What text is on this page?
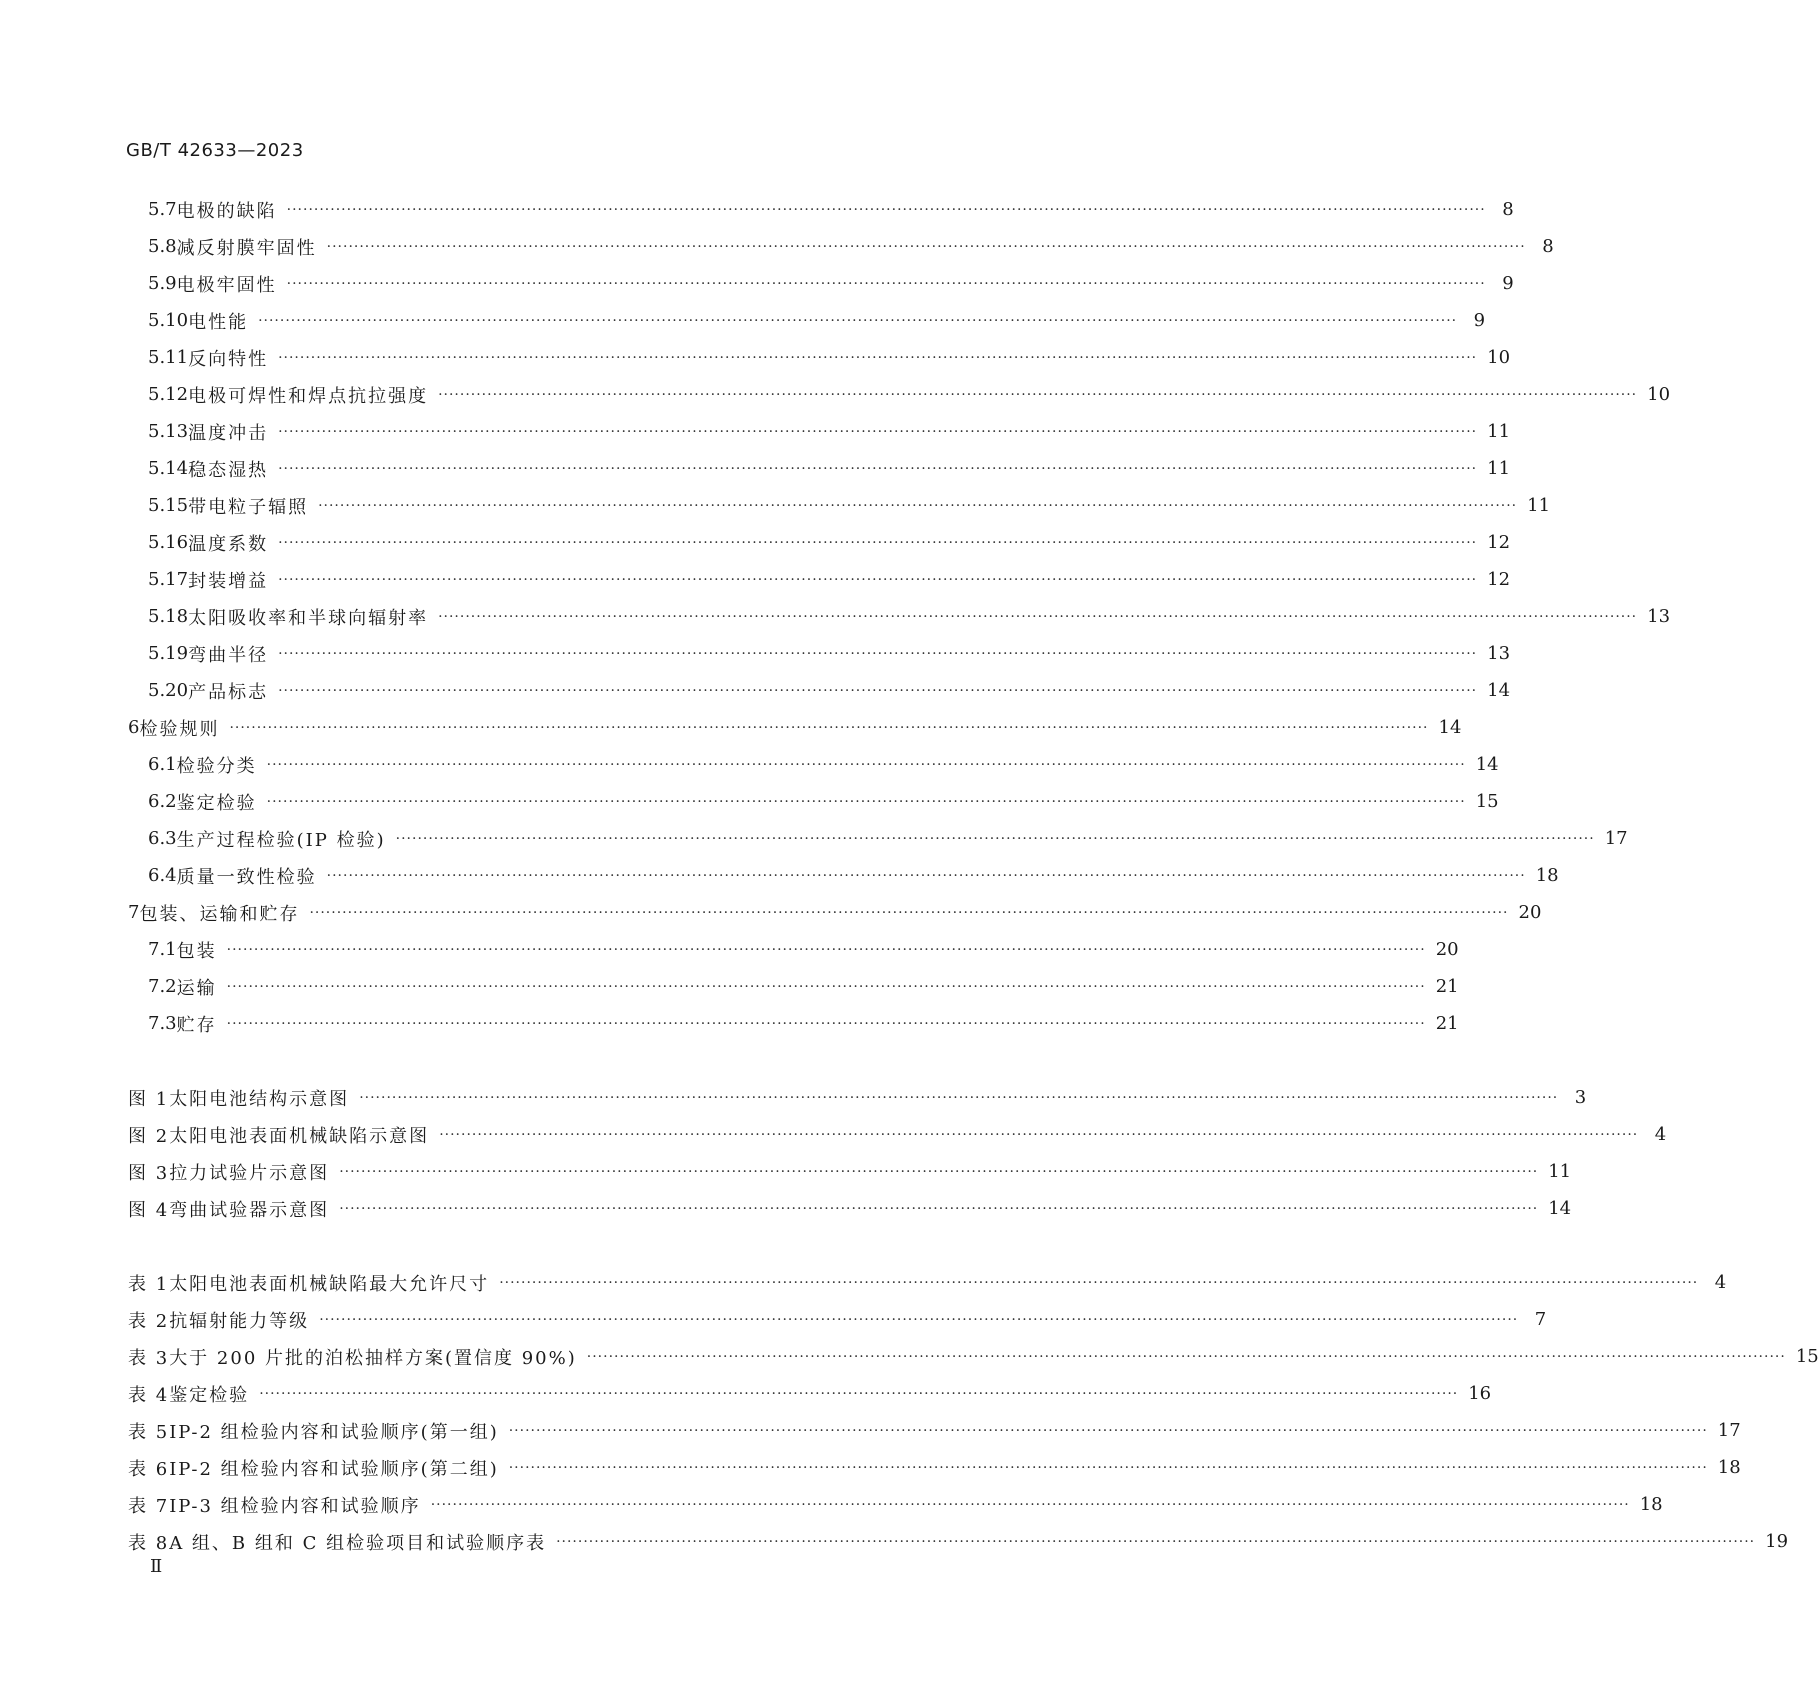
GB/T 42633—2023
5.7 电极的缺陷 ···························································································································································································································· 8
5.8 减反射膜牢固性 ···························································································································································································································· 8
5.9 电极牢固性 ···························································································································································································································· 9
5.10 电性能 ···························································································································································································································· 9
5.11 反向特性 ···························································································································································································································· 10
5.12 电极可焊性和焊点抗拉强度 ···························································································································································································································· 10
5.13 温度冲击 ···························································································································································································································· 11
5.14 稳态湿热 ···························································································································································································································· 11
5.15 带电粒子辐照 ···························································································································································································································· 11
5.16 温度系数 ···························································································································································································································· 12
5.17 封装增益 ···························································································································································································································· 12
5.18 太阳吸收率和半球向辐射率 ···························································································································································································································· 13
5.19 弯曲半径 ···························································································································································································································· 13
5.20 产品标志 ···························································································································································································································· 14
6 检验规则 ···························································································································································································································· 14
6.1 检验分类 ···························································································································································································································· 14
6.2 鉴定检验 ···························································································································································································································· 15
6.3 生产过程检验(IP 检验) ···························································································································································································································· 17
6.4 质量一致性检验 ···························································································································································································································· 18
7 包装、运输和贮存 ···························································································································································································································· 20
7.1 包装 ···························································································································································································································· 20
7.2 运输 ···························································································································································································································· 21
7.3 贮存 ···························································································································································································································· 21
图 1 太阳电池结构示意图 ···························································································································································································································· 3
图 2 太阳电池表面机械缺陷示意图 ···························································································································································································································· 4
图 3 拉力试验片示意图 ···························································································································································································································· 11
图 4 弯曲试验器示意图 ···························································································································································································································· 14
表 1 太阳电池表面机械缺陷最大允许尺寸 ···························································································································································································································· 4
表 2 抗辐射能力等级 ···························································································································································································································· 7
表 3 大于 200 片批的泊松抽样方案(置信度 90%) ···························································································································································································································· 15
表 4 鉴定检验 ···························································································································································································································· 16
表 5 IP-2 组检验内容和试验顺序(第一组) ···························································································································································································································· 17
表 6 IP-2 组检验内容和试验顺序(第二组) ···························································································································································································································· 18
表 7 IP-3 组检验内容和试验顺序 ···························································································································································································································· 18
表 8 A 组、B 组和 C 组检验项目和试验顺序表 ···························································································································································································································· 19
Ⅱ
